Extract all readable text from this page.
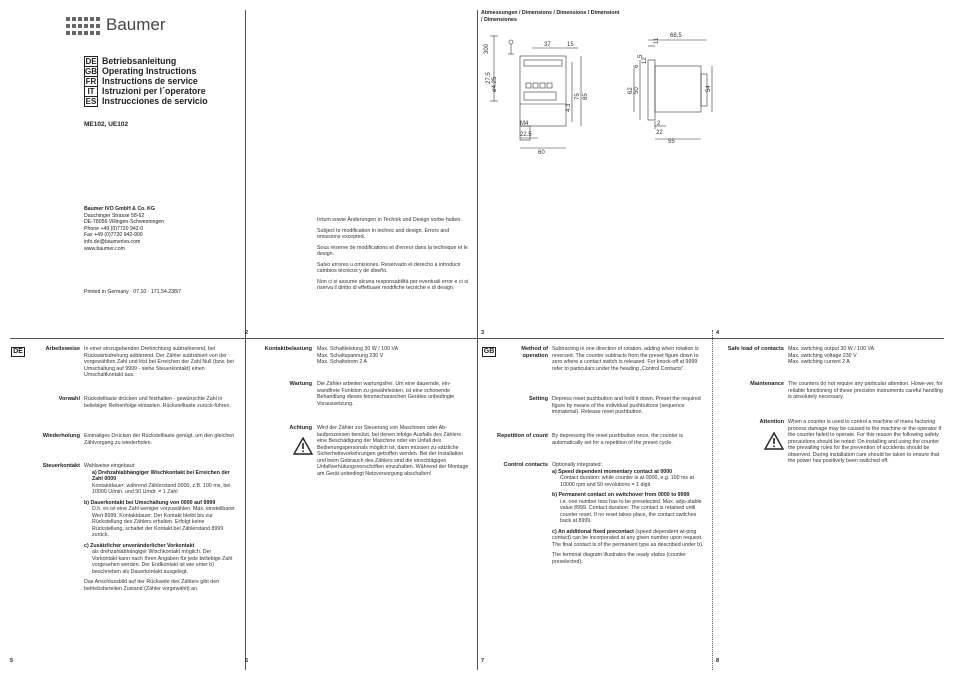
Baumer
DE Betriebsanleitung
GB Operating Instructions
FR Instructions de service
IT Istruzioni per l´operatore
ES Instrucciones de servicio
ME102, UE102
Baumer IVO GmbH & Co. KG
Dauchinger Strasse 58-62
DE-78056 Villingen-Schwenningen
Phone +49 (0)7720 942-0
Fax +49 (0)7720 942-900
info.de@baumerivo.com
www.baumer.com
Printed in Germany · 07.10 · 171.54.238/7

Irrtum sowie Änderungen in Technik und Design vorbe-halten.

Subject to modification in technic and design. Errors and omissions excepted.

Sous réserve de modifications et d'erreur dans la technique et le design.

Salvo errores u omisiones. Reservado el derecho a introducir cambios técnicos y de diseño.

Non ci si assume alcuna responsabilità per eventuali error e ci si riserva il diritto di effettuare modifiche tecniche e di design.

Abmessungen / Dimensions / Dimensions / Dimensioni / Dimensiones
300	37	15
27.5 ø4.25
75 85
4.3
M4
22.5
60
68.5
11
5
12
6
62 50	54
2
22
55
2	3	4
5	6	7	8
DE	Arbeitsweise In einer einzugebenden Drehrichtung subtrahierend, bei Rückwärtsdrehung addierend. Der Zähler subtrahiert von der vorgewählten Zahl und löst bei Erreichen der Zahl Null (bzw. bei Umschaltung auf 9999 - siehe Steuerkontakt) einen Umschaltkontakt aus.
Vorwahl Rückstelltaste drücken und festhalten - gewünschte Zahl in beliebiger Reihenfolge eintasten. Rückstelltaste zurück-führen.
Wiederholung Einmaliges Drücken der Rückstelltaste genügt, um den gleichen Zählvorgang zu wiederholen.
Steuerkontakt Wahlweise eingebaut:

a) Drehzahlabhängiger Wischkontakt bei Erreichen der Zahl 0000

Kontaktdauer: während Zählerstand 0000, z.B. 100 ms, bei 10000 U/min. und 50 Umdr. = 1 Zahl

b) Dauerkontakt bei Umschaltung von 0000 auf 9999

D.h. es ist eine Zahl weniger vorzuwählen. Max. einstellbarer Wert 8999. Kontaktdauer: Der Kontakt bleibt bis zur Rückstellung des Zählers erhalten. Erfolgt keine Rückstellung, schaltet der Kontakt bei Zählerstand 8999 zurück.

c) Zusätzlicher unveränderlicher Vorkontakt

als drehzahlabhängiger Wischkontakt möglich. Der Vorkontakt kann nach Ihren Angaben für jede beliebige Zahl vorgesehen werden. Der Endkontakt ist wie unter b) beschrieben als Dauerkontakt ausgelegt.

Das Anschlussbild auf der Rückseite des Zählers gibt den betriebsbereiten Zustand (Zähler vorgewählt) an.

Kontaktbelastung Max. Schaltleistung 30 W / 100 VA
Max. Schaltspannung 230 V
Max. Schaltstrom 2 A
Wartung Die Zähler arbeiten wartungsfrei. Um eine dauernde, ein-wandfreie Funktion zu gewährleisten, ist eine schonende Behandlung dieses feinmechanischen Gerätes unbedingte Voraussetzung.
Achtung Wird der Zähler zur Steuerung von Maschinen oder Ab-laufprozessen benützt, bei denen infolge Ausfalls des Zählers eine Beschädigung der Maschine oder ein Unfall des Bedienungspersonals möglich ist, dann müssen zu-sätzliche Sicherheitsvorkehrungen getroffen werden. Bei der Installation und beim Gebrauch des Zählers sind die einschlägigen Unfallverhütungsvorschriften einzuhalten. Während der Montage am Gerät unbedingt Netzversorgung abschalten!
GB	Method of operation
Subtracting in one direction of rotation, adding when rotation is reversed. The counter subtracts from the preset figure down to zero where a contact switch is released. For knock-off at 9999 refer to particulars under the heading „Control Contacts".
Setting Depress reset pushbutton and hold it down. Preset the required figure by means of the individual pushbuttons (sequence immaterial). Release reset pushbutton.
Repetition of count By depressing the reset pushbutton once, the counter is automatically set for a repetition of the preset cycle.
Control contacts Optionally integrated:

a) Speed dependent momentary contact at 0000

Contact duration: while counter is at 0000, e.g. 100 ms at 10000 rpm and 50 revolutions = 1 digit

b) Permanent contact on switchover from 0000 to 9999

i.e. one number less has to be preselected. Max. adju-stable value 8999. Contact duration: The contact is retained until counter reset. If no reset takes place, the contact switches back at 8999.

c) An additional fixed precontact (speed dependent wi-ping contact) can be incorporated at any given number upon request. The final contact is of the permanent type as described under b).

The terminal diagram illustrates the ready status (counter preselected).

Safe load of contacts Max. switching output 30 W / 100 VA
Max. switching voltage 230 V
Max. switching current 2 A
Maintenance The counters do not require any particular attention. Howe-ver, for reliable functioning of these precision instruments careful handling is absolutely necessary.
Attention When a counter is used to control a machine of manu facturing process damage may be caused to the machine or the operator if the counter failed to operate. For this reason the following safety precautions should be noted: On installing and using the counter the prevailing rules for the prevention of accidents should be observed. During installation care should be taken to ensure that the power has positively been switched off.
